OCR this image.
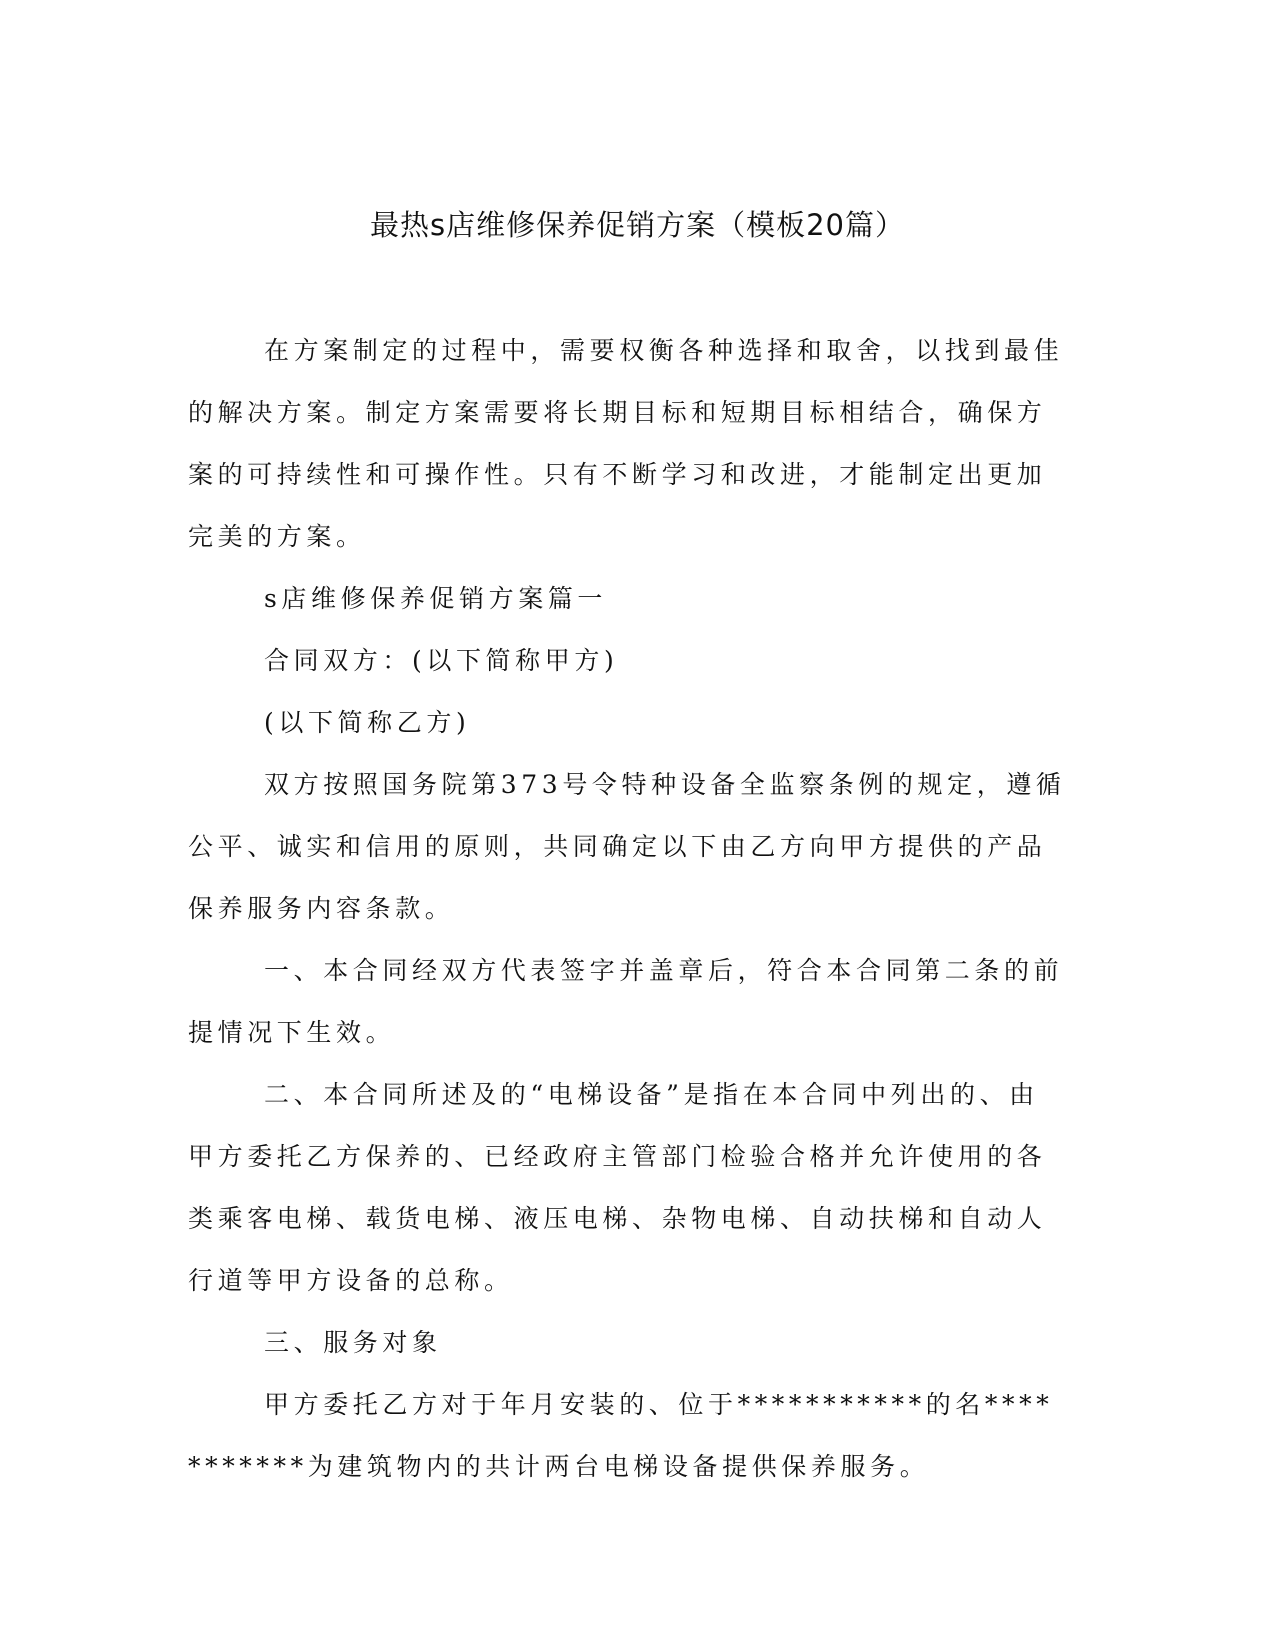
最热s店维修保养促销方案（模板20篇）

在方案制定的过程中，需要权衡各种选择和取舍，以找到最佳的解决方案。制定方案需要将长期目标和短期目标相结合，确保方案的可持续性和可操作性。只有不断学习和改进，才能制定出更加完美的方案。

s店维修保养促销方案篇一

合同双方：(以下简称甲方)

(以下简称乙方)

双方按照国务院第373号令特种设备全监察条例的规定，遵循公平、诚实和信用的原则，共同确定以下由乙方向甲方提供的产品保养服务内容条款。

一、本合同经双方代表签字并盖章后，符合本合同第二条的前提情况下生效。

二、本合同所述及的“电梯设备”是指在本合同中列出的、由甲方委托乙方保养的、已经政府主管部门检验合格并允许使用的各类乘客电梯、载货电梯、液压电梯、杂物电梯、自动扶梯和自动人行道等甲方设备的总称。

三、服务对象

甲方委托乙方对于年月安装的、位于***********的名***********为建筑物内的共计两台电梯设备提供保养服务。
